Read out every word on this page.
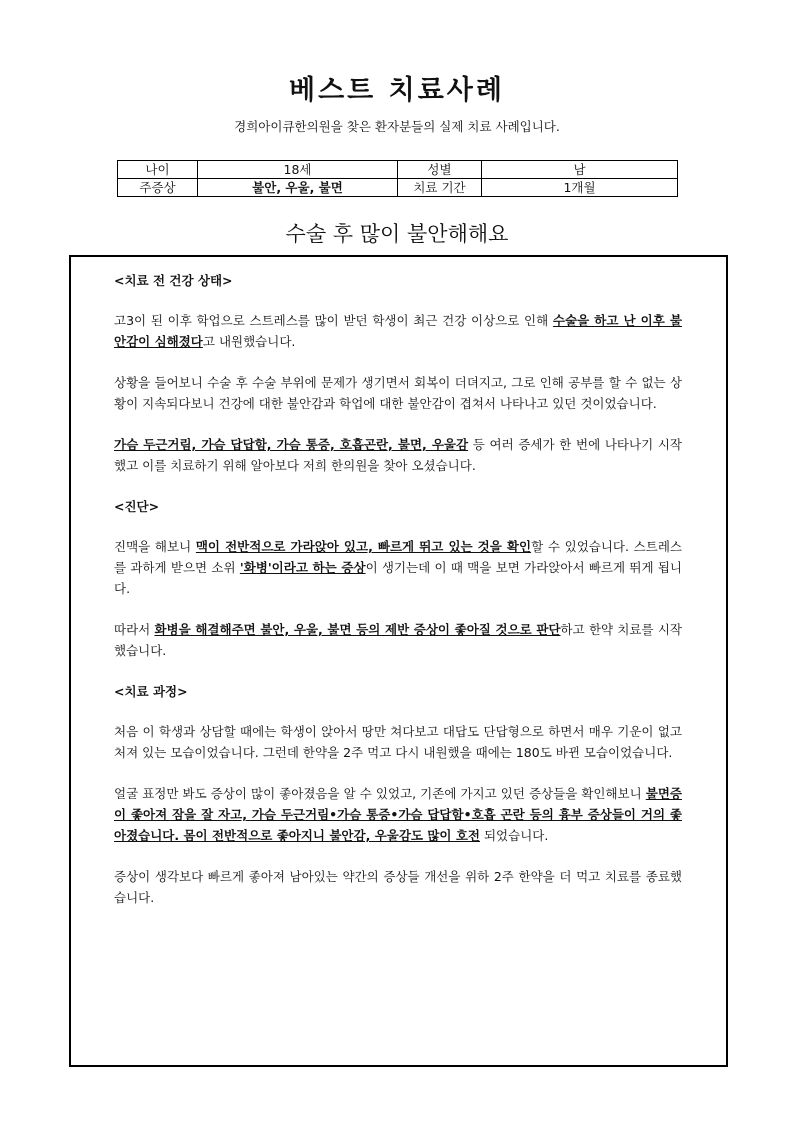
베스트 치료사례
경희아이큐한의원을 찾은 환자분들의 실제 치료 사례입니다.
나이	18세	성별	남
주증상	불안, 우울, 불면	치료 기간	1개월
수술 후 많이 불안해해요

<치료 전 건강 상태>

고3이 된 이후 학업으로 스트레스를 많이 받던 학생이 최근 건강 이상으로 인해 수술을 하고 난 이후 불안감이 심해졌다고 내원했습니다.

상황을 들어보니 수술 후 수술 부위에 문제가 생기면서 회복이 더뎌지고, 그로 인해 공부를 할 수 없는 상황이 지속되다보니 건강에 대한 불안감과 학업에 대한 불안감이 겹쳐서 나타나고 있던 것이었습니다.

가슴 두근거림, 가슴 답답함, 가슴 통증, 호흡곤란, 불면, 우울감 등 여러 증세가 한 번에 나타나기 시작했고 이를 치료하기 위해 알아보다 저희 한의원을 찾아 오셨습니다.

<진단>

진맥을 해보니 맥이 전반적으로 가라앉아 있고, 빠르게 뛰고 있는 것을 확인할 수 있었습니다. 스트레스를 과하게 받으면 소위 '화병'이라고 하는 증상이 생기는데 이 때 맥을 보면 가라앉아서 빠르게 뛰게 됩니다.

따라서 화병을 해결해주면 불안, 우울, 불면 등의 제반 증상이 좋아질 것으로 판단하고 한약 치료를 시작했습니다.

<치료 과정>

처음 이 학생과 상담할 때에는 학생이 앉아서 땅만 쳐다보고 대답도 단답형으로 하면서 매우 기운이 없고 처져 있는 모습이었습니다. 그런데 한약을 2주 먹고 다시 내원했을 때에는 180도 바뀐 모습이었습니다.

얼굴 표정만 봐도 증상이 많이 좋아졌음을 알 수 있었고, 기존에 가지고 있던 증상들을 확인해보니 불면증이 좋아져 잠을 잘 자고, 가슴 두근거림•가슴 통증•가슴 답답함•호흡 곤란 등의 흉부 증상들이 거의 좋아졌습니다. 몸이 전반적으로 좋아지니 불안감, 우울감도 많이 호전 되었습니다.

증상이 생각보다 빠르게 좋아져 남아있는 약간의 증상들 개선을 위하 2주 한약을 더 먹고 치료를 종료했습니다.
